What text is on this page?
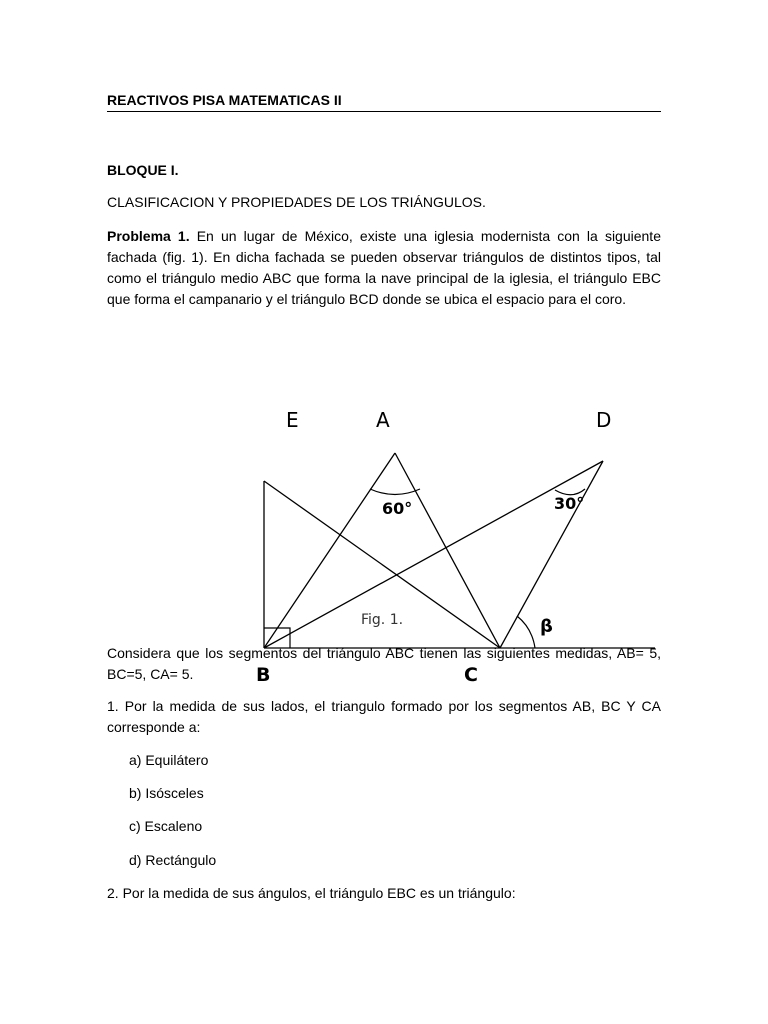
REACTIVOS PISA MATEMATICAS II
BLOQUE I.
CLASIFICACION Y PROPIEDADES DE LOS TRIÁNGULOS.
Problema 1. En un lugar de México, existe una iglesia modernista con la siguiente fachada (fig. 1). En dicha fachada se pueden observar triángulos de distintos tipos, tal como el triángulo medio ABC que forma la nave principal de la iglesia, el triángulo EBC que forma el campanario y el triángulo BCD donde se ubica el espacio para el coro.
E	A	D
60°	30°
β
Fig. 1.
Considera que los segmentos del triángulo ABC tienen las siguientes medidas, AB= 5, BC=5, CA= 5.	B	C
1. Por la medida de sus lados, el triangulo formado por los segmentos AB, BC Y CA corresponde a:
a) Equilátero
b) Isósceles
c) Escaleno
d) Rectángulo
2. Por la medida de sus ángulos, el triángulo EBC es un triángulo:
